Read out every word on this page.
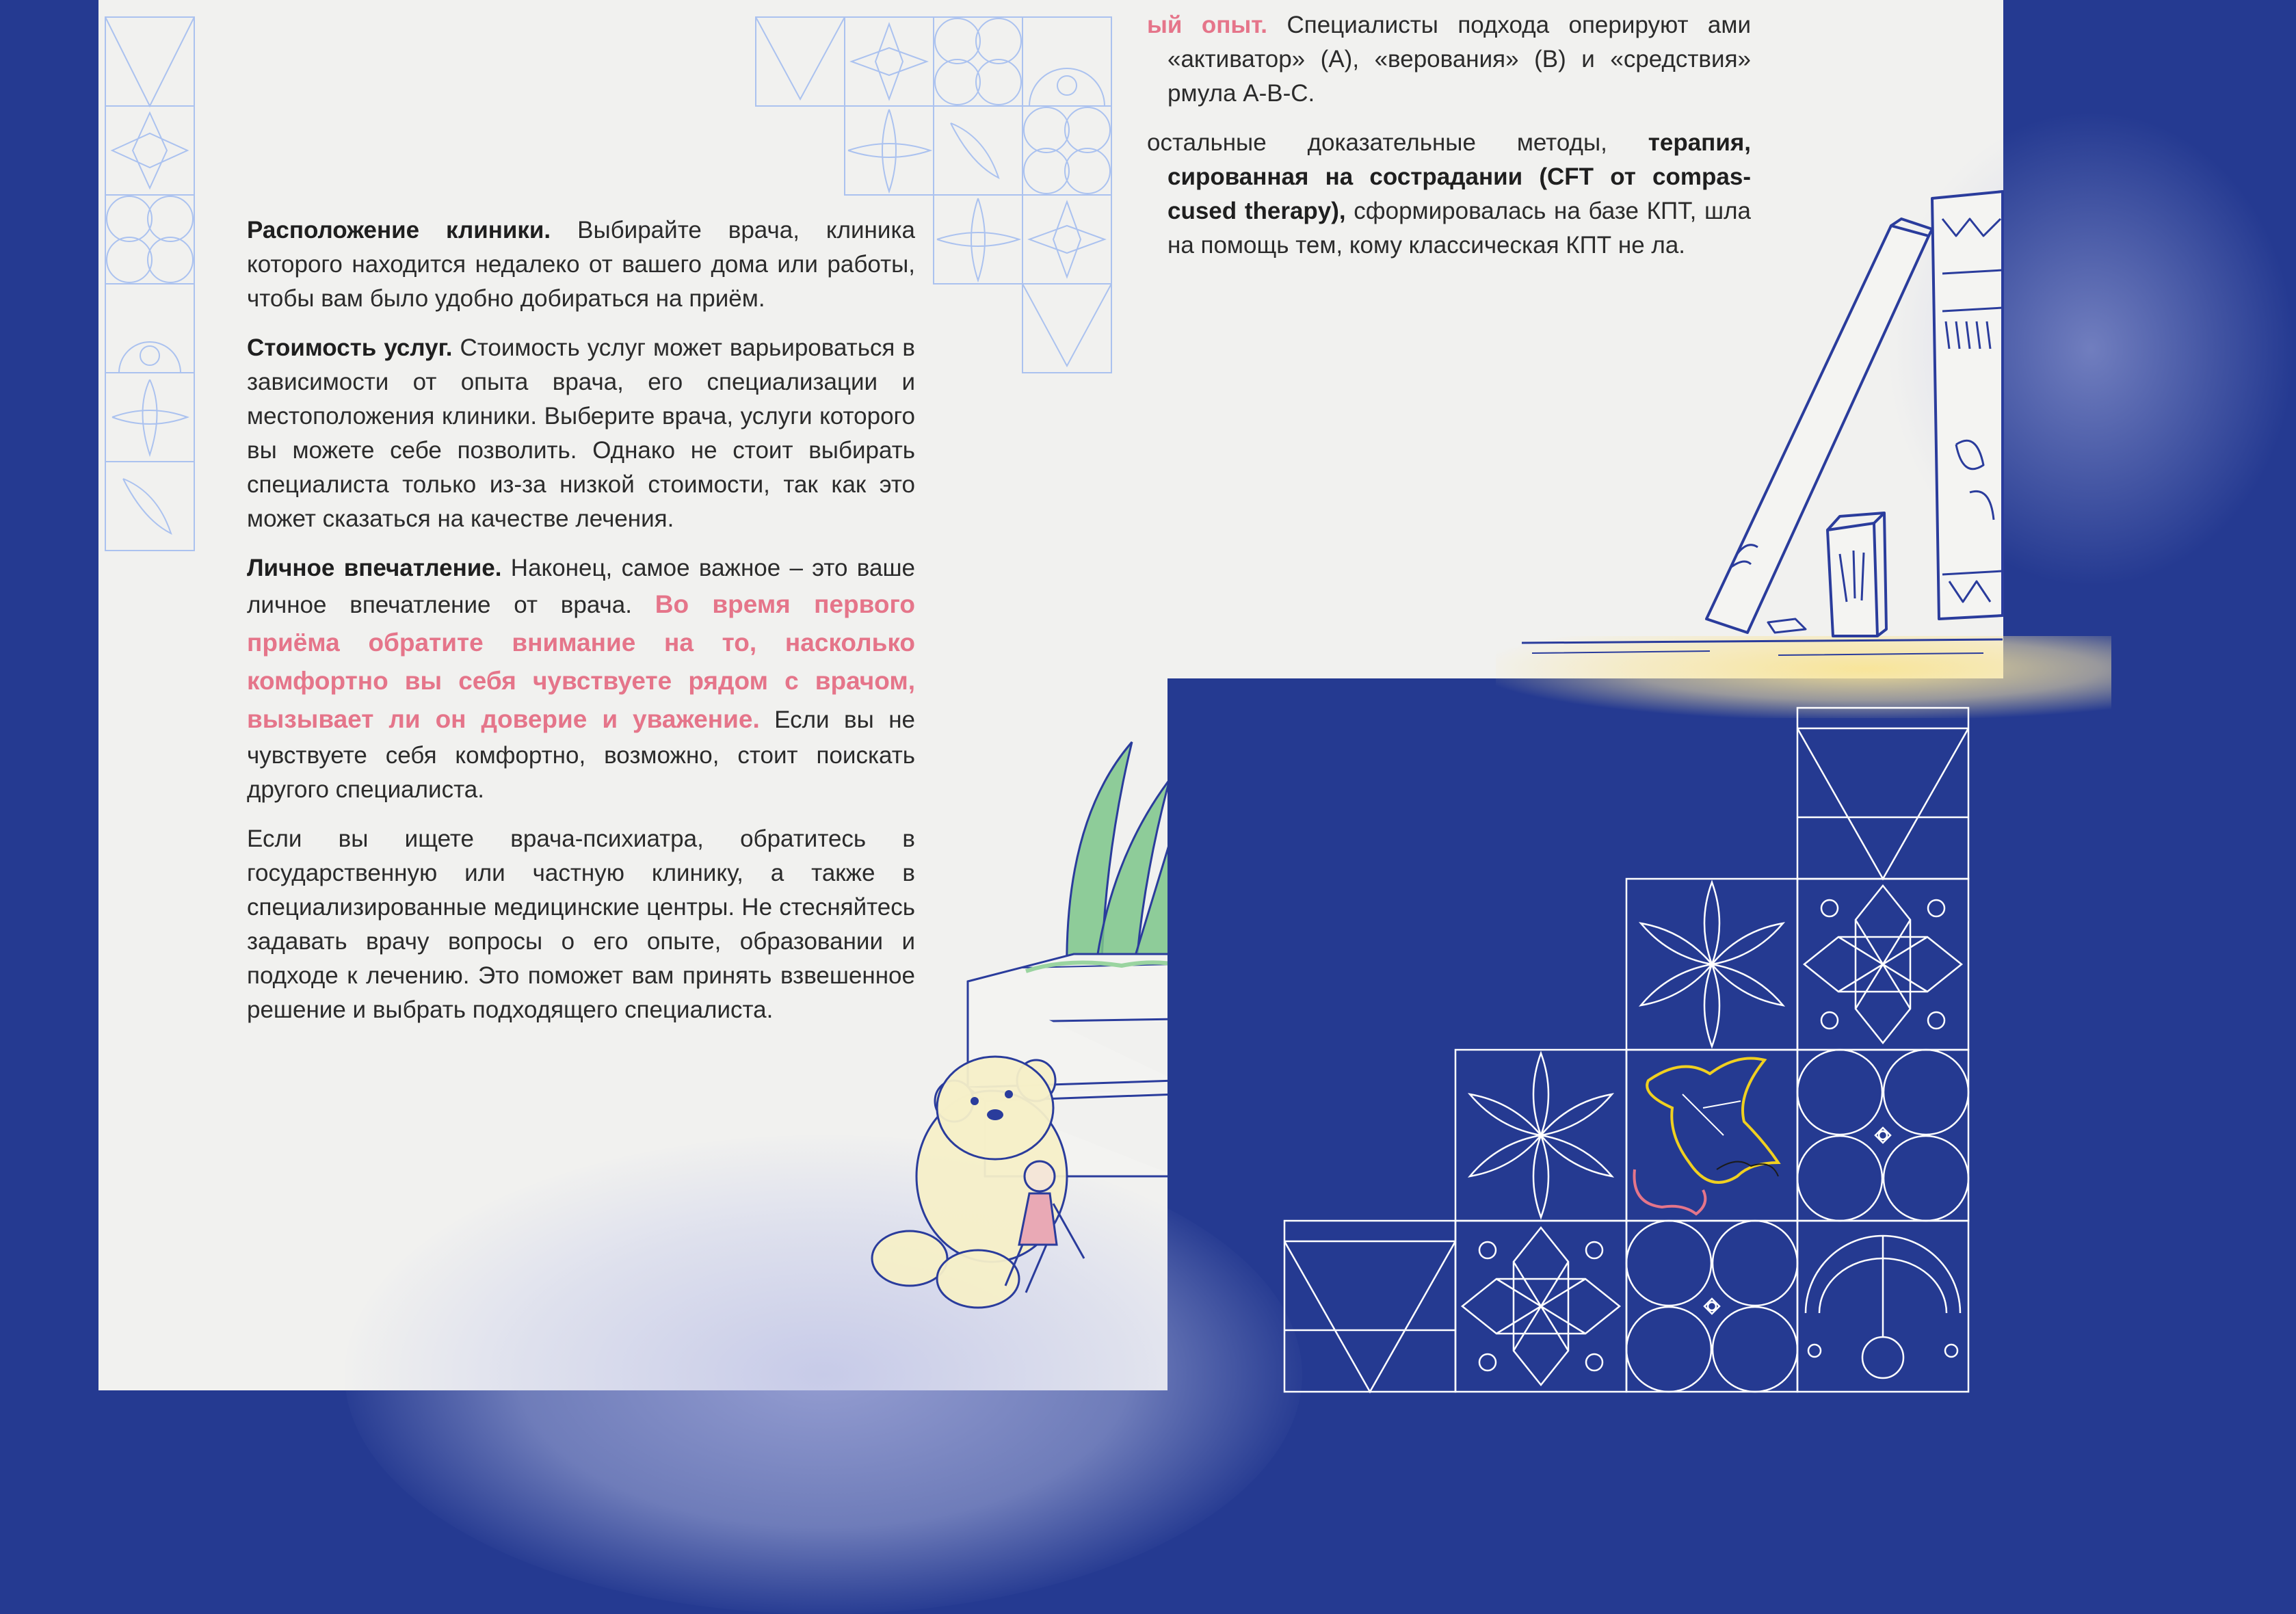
Расположение клиники. Выбирайте врача, клиника которого находится недалеко от вашего дома или работы, чтобы вам было удобно добираться на приём.

Стоимость услуг. Стоимость услуг может варьироваться в зависимости от опыта врача, его специализации и местоположения клиники. Выберите врача, услуги которого вы можете себе позволить. Однако не стоит выбирать специалиста только из-за низкой стоимости, так как это может сказаться на качестве лечения.

Личное впечатление. Наконец, самое важное – это ваше личное впечатление от врача. Во время первого приёма обратите внимание на то, насколько комфортно вы себя чувствуете рядом с врачом, вызывает ли он доверие и уважение. Если вы не чувствуете себя комфортно, возможно, стоит поискать другого специалиста.

Если вы ищете врача-психиатра, обратитесь в государственную или частную клинику, а также в специализированные медицинские центры. Не стесняйтесь задавать врачу вопросы о его опыте, образовании и подходе к лечению. Это поможет вам принять взвешенное решение и выбрать подходящего специалиста.

ый опыт. Специалисты подхода оперируют ами «активатор» (A), «верования» (B) и «средствия» рмула A-B-C.

остальные доказательные методы, терапия, сированная на сострадании (CFT от compas- cused therapy), сформировалась на базе КПТ, шла на помощь тем, кому классическая КПТ не ла.
